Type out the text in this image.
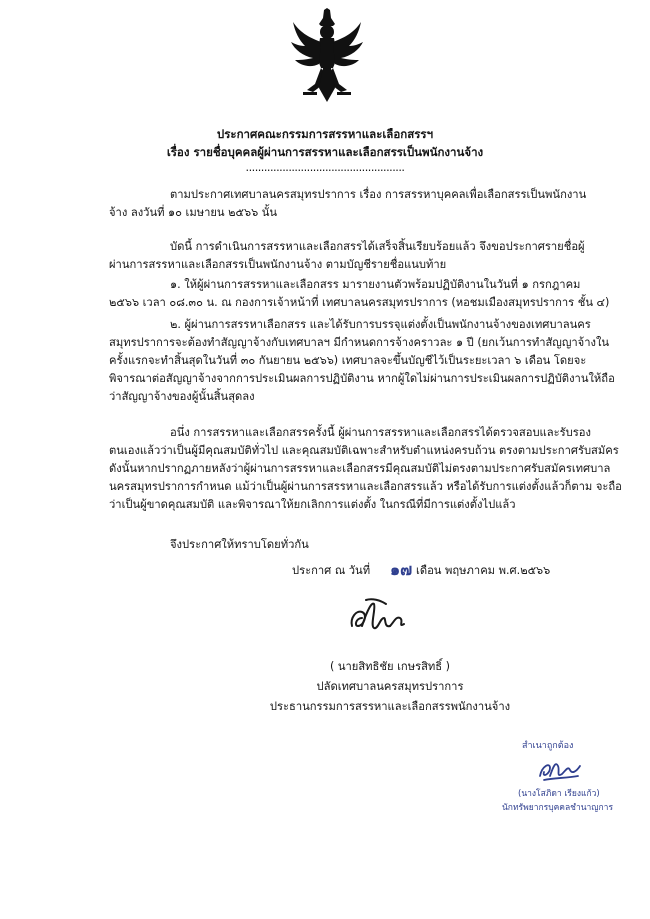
ประกาศคณะกรรมการสรรหาและเลือกสรรฯ
เรื่อง รายชื่อบุคคลผู้ผ่านการสรรหาและเลือกสรรเป็นพนักงานจ้าง
....................................................
ตามประกาศเทศบาลนครสมุทรปราการ เรื่อง การสรรหาบุคคลเพื่อเลือกสรรเป็นพนักงาน
จ้าง ลงวันที่ ๑๐ เมษายน ๒๕๖๖ นั้น
บัดนี้ การดำเนินการสรรหาและเลือกสรรได้เสร็จสิ้นเรียบร้อยแล้ว จึงขอประกาศรายชื่อผู้
ผ่านการสรรหาและเลือกสรรเป็นพนักงานจ้าง ตามบัญชีรายชื่อแนบท้าย
๑. ให้ผู้ผ่านการสรรหาและเลือกสรร มารายงานตัวพร้อมปฏิบัติงานในวันที่ ๑ กรกฎาคม
๒๕๖๖ เวลา ๐๘.๓๐ น. ณ กองการเจ้าหน้าที่ เทศบาลนครสมุทรปราการ (หอชมเมืองสมุทรปราการ ชั้น ๔)
๒. ผู้ผ่านการสรรหาเลือกสรร และได้รับการบรรจุแต่งตั้งเป็นพนักงานจ้างของเทศบาลนคร
สมุทรปราการจะต้องทำสัญญาจ้างกับเทศบาลฯ มีกำหนดการจ้างคราวละ ๑ ปี (ยกเว้นการทำสัญญาจ้างใน
ครั้งแรกจะทำสิ้นสุดในวันที่ ๓๐ กันยายน ๒๕๖๖) เทศบาลจะขึ้นบัญชีไว้เป็นระยะเวลา ๖ เดือน โดยจะ
พิจารณาต่อสัญญาจ้างจากการประเมินผลการปฏิบัติงาน หากผู้ใดไม่ผ่านการประเมินผลการปฏิบัติงานให้ถือ
ว่าสัญญาจ้างของผู้นั้นสิ้นสุดลง
อนึ่ง การสรรหาและเลือกสรรครั้งนี้ ผู้ผ่านการสรรหาและเลือกสรรได้ตรวจสอบและรับรอง
ตนเองแล้วว่าเป็นผู้มีคุณสมบัติทั่วไป และคุณสมบัติเฉพาะสำหรับตำแหน่งครบถ้วน ตรงตามประกาศรับสมัคร
ดังนั้นหากปรากฏภายหลังว่าผู้ผ่านการสรรหาและเลือกสรรมีคุณสมบัติไม่ตรงตามประกาศรับสมัครเทศบาล
นครสมุทรปราการกำหนด แม้ว่าเป็นผู้ผ่านการสรรหาและเลือกสรรแล้ว หรือได้รับการแต่งตั้งแล้วก็ตาม จะถือ
ว่าเป็นผู้ขาดคุณสมบัติ และพิจารณาให้ยกเลิกการแต่งตั้ง ในกรณีที่มีการแต่งตั้งไปแล้ว
จึงประกาศให้ทราบโดยทั่วกัน
ประกาศ ณ วันที่ ๑๗ เดือน พฤษภาคม พ.ศ.๒๕๖๖
( นายสิทธิชัย เกษรสิทธิ์ )
ปลัดเทศบาลนครสมุทรปราการ
ประธานกรรมการสรรหาและเลือกสรรพนักงานจ้าง
สำเนาถูกต้อง
(นางโสภิดา เรียงแก้ว)
นักทรัพยากรบุคคลชำนาญการ
